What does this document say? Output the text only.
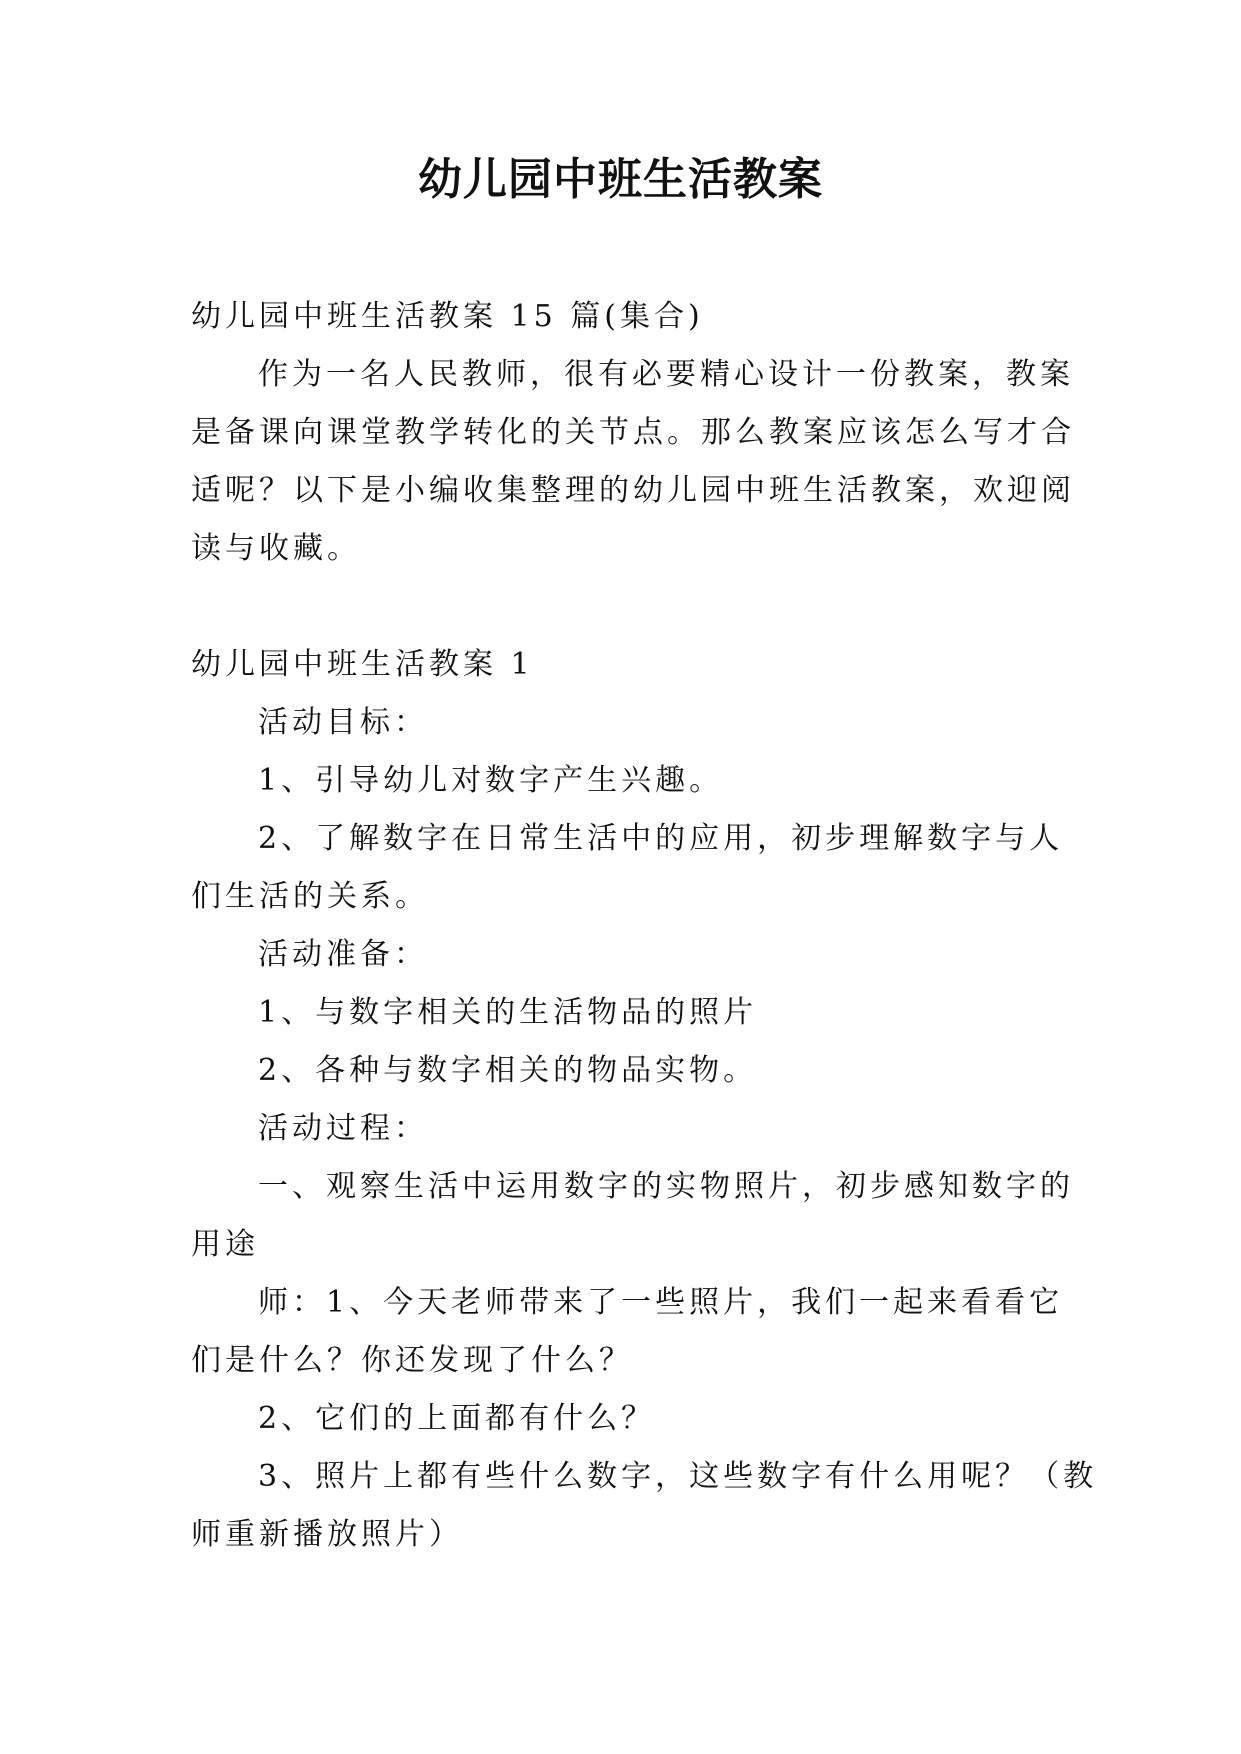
幼儿园中班生活教案
幼儿园中班生活教案 15 篇(集合)
作为一名人民教师，很有必要精心设计一份教案，教案
是备课向课堂教学转化的关节点。那么教案应该怎么写才合
适呢？以下是小编收集整理的幼儿园中班生活教案，欢迎阅
读与收藏。
幼儿园中班生活教案 1
活动目标：
1、引导幼儿对数字产生兴趣。
2、了解数字在日常生活中的应用，初步理解数字与人
们生活的关系。
活动准备：
1、与数字相关的生活物品的照片
2、各种与数字相关的物品实物。
活动过程：
一、观察生活中运用数字的实物照片，初步感知数字的
用途
师：1、今天老师带来了一些照片，我们一起来看看它
们是什么？你还发现了什么？
2、它们的上面都有什么？
3、照片上都有些什么数字，这些数字有什么用呢？（教
师重新播放照片）
